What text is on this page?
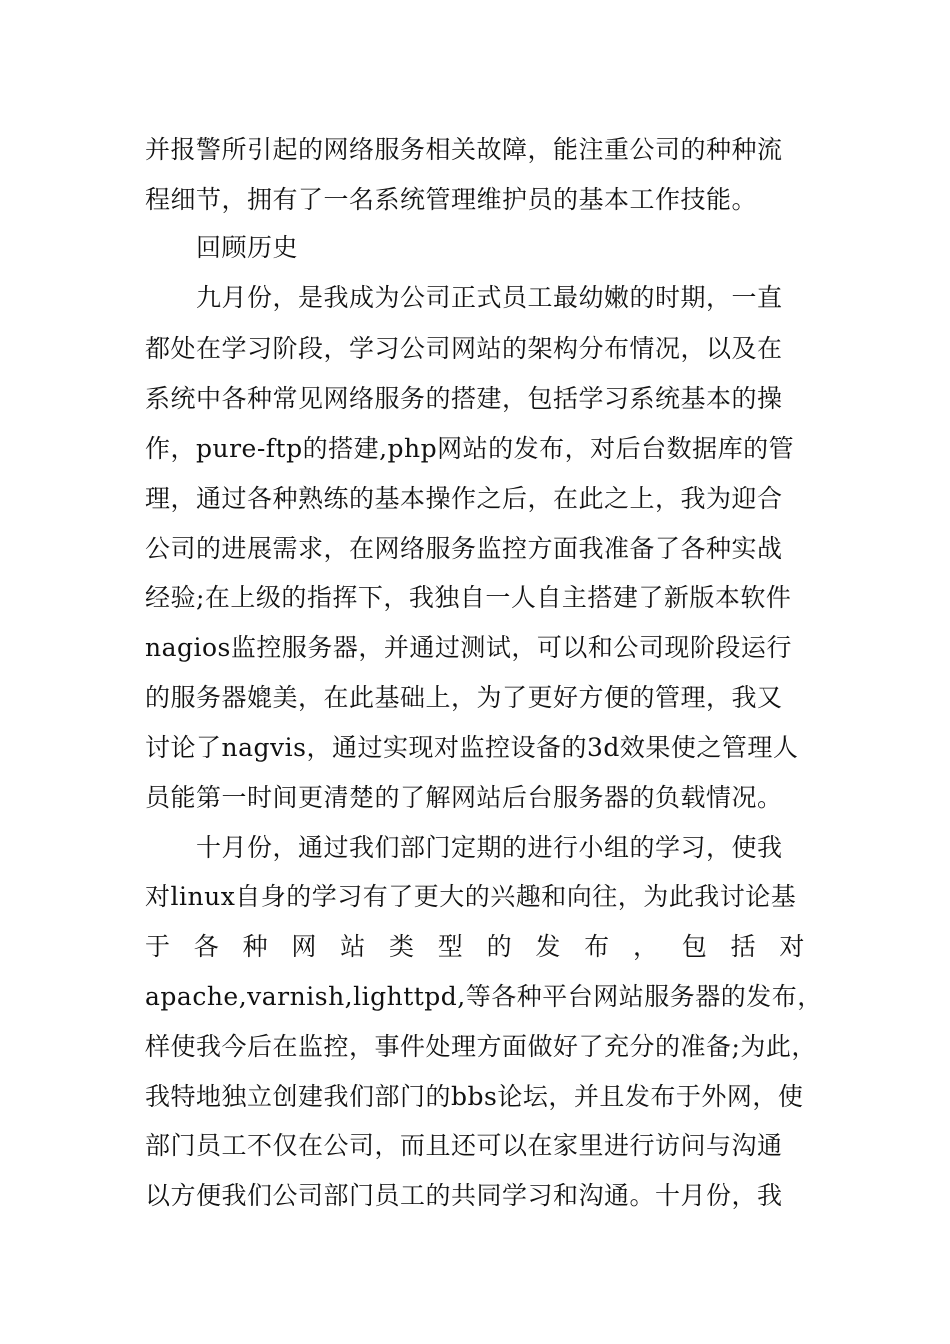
并报警所引起的网络服务相关故障，能注重公司的种种流
程细节，拥有了一名系统管理维护员的基本工作技能。
回顾历史
九月份，是我成为公司正式员工最幼嫩的时期，一直
都处在学习阶段，学习公司网站的架构分布情况，以及在
系统中各种常见网络服务的搭建，包括学习系统基本的操
作，pure-ftp的搭建,php网站的发布，对后台数据库的管
理，通过各种熟练的基本操作之后，在此之上，我为迎合
公司的进展需求，在网络服务监控方面我准备了各种实战
经验;在上级的指挥下，我独自一人自主搭建了新版本软件
nagios监控服务器，并通过测试，可以和公司现阶段运行
的服务器媲美，在此基础上，为了更好方便的管理，我又
讨论了nagvis，通过实现对监控设备的3d效果使之管理人
员能第一时间更清楚的了解网站后台服务器的负载情况。
十月份，通过我们部门定期的进行小组的学习，使我
对linux自身的学习有了更大的兴趣和向往，为此我讨论基
于 各 种 网 站 类 型 的 发 布 ， 包 括 对
apache,varnish,lighttpd,等各种平台网站服务器的发布，
样使我今后在监控，事件处理方面做好了充分的准备;为此，
我特地独立创建我们部门的bbs论坛，并且发布于外网，使
部门员工不仅在公司，而且还可以在家里进行访问与沟通
以方便我们公司部门员工的共同学习和沟通。十月份，我
